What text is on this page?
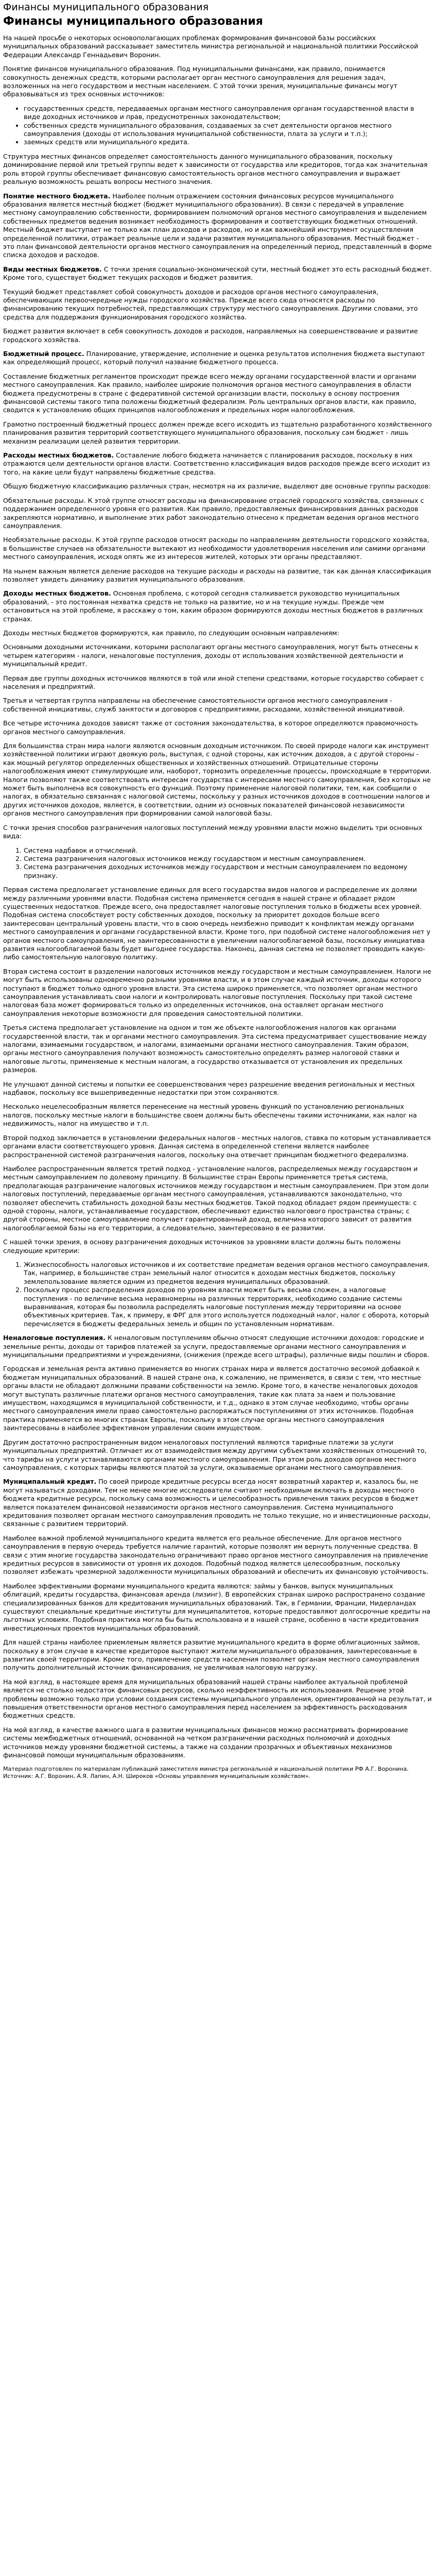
Финансы муниципального образования
Финансы муниципального образования

На нашей просьбе о некоторых основополагающих проблемах формирования финансовой базы российских муниципальных образований рассказывает заместитель министра региональной и национальной политики Российской Федерации Александр Геннадьевич Воронин.

Понятие финансов муниципального образования. Под муниципальными финансами, как правило, понимается совокупность денежных средств, которыми располагает орган местного самоуправления для решения задач, возложенных на него государством и местным населением. С этой точки зрения, муниципальные финансы могут образовываться из трех основных источников:

• государственных средств, передаваемых органам местного самоуправления органам государственной власти в виде доходных источников и прав, предусмотренных законодательством;
• собственных средств муниципального образования, создаваемых за счет деятельности органов местного самоуправления (доходы от использования муниципальной собственности, плата за услуги и т.п.);
• заемных средств или муниципального кредита.

Структура местных финансов определяет самостоятельность данного муниципального образования, поскольку доминирование первой или третьей группы ведет к зависимости от государства или кредиторов, тогда как значительная роль второй группы обеспечивает финансовую самостоятельность органов местного самоуправления и выражает реальную возможность решать вопросы местного значения.

Понятие местного бюджета. Наиболее полным отражением состояния финансовых ресурсов муниципального образования является местный бюджет (бюджет муниципального образования). В связи с передачей в управление местному самоуправлению собственности, формированием полномочий органов местного самоуправления и выделением собственных предметов ведения возникает необходимость формирования и соответствующих бюджетных отношений. Местный бюджет выступает не только как план доходов и расходов, но и как важнейший инструмент осуществления определенной политики, отражает реальные цели и задачи развития муниципального образования. Местный бюджет - это план финансовой деятельности органов местного самоуправления на определенный период, представленный в форме списка доходов и расходов.

Виды местных бюджетов. С точки зрения социально-экономической сути, местный бюджет это есть расходный бюджет. Кроме того, существует бюджет текущих расходов и бюджет развития.

Текущий бюджет представляет собой совокупность доходов и расходов органов местного самоуправления, обеспечивающих первоочередные нужды городского хозяйства. Прежде всего сюда относятся расходы по финансированию текущих потребностей, представляющих структуру местного самоуправления. Другими словами, это средства для поддержания функционирования городского хозяйства.

Бюджет развития включает в себя совокупность доходов и расходов, направляемых на совершенствование и развитие городского хозяйства.

Бюджетный процесс. Планирование, утверждение, исполнение и оценка результатов исполнения бюджета выступают как определяющий процесс, который получил название бюджетного процесса.

Составление бюджетных регламентов происходит прежде всего между органами государственной власти и органами местного самоуправления. Как правило, наиболее широкие полномочия органов местного самоуправления в области бюджета предусмотрены в стране с федеративной системой организации власти, поскольку в основу построения финансовой системы такого типа положены бюджетный федерализм. Роль центральных органов власти, как правило, сводится к установлению общих принципов налогообложения и предельных норм налогообложения.

Грамотно построенный бюджетный процесс должен прежде всего исходить из тщательно разработанного хозяйственного планирования развития территорий соответствующего муниципального образования, поскольку сам бюджет - лишь механизм реализации целей развития территории.

Расходы местных бюджетов. Составление любого бюджета начинается с планирования расходов, поскольку в них отражаются цели деятельности органов власти. Соответственно классификация видов расходов прежде всего исходит из того, на какие цели будут направлены бюджетные средства.

Общую бюджетную классификацию различных стран, несмотря на их различие, выделяют две основные группы расходов:

Обязательные расходы. К этой группе относят расходы на финансирование отраслей городского хозяйства, связанных с поддержанием определенного уровня его развития. Как правило, предоставляемых финансирования данных расходов закрепляются нормативно, и выполнение этих работ законодательно отнесено к предметам ведения органов местного самоуправления.

Необязательные расходы. К этой группе расходов относят расходы по направлениям деятельности городского хозяйства, в большинстве случаев на обязательности вытекают из необходимости удовлетворения населения или самими органами местного самоуправления, исходя опять же из интересов жителей, которых эти органы представляют.

На нынем важным является деление расходов на текущие расходы и расходы на развитие, так как данная классификация позволяет увидеть динамику развития муниципального образования.

Доходы местных бюджетов. Основная проблема, с которой сегодня сталкивается руководство муниципальных образований, - это постоянная нехватка средств не только на развитие, но и на текущие нужды. Прежде чем остановиться на этой проблеме, я расскажу о том, каким образом формируются доходы местных бюджетов в различных странах.

Доходы местных бюджетов формируются, как правило, по следующим основным направлениям:

Основными доходными источниками, которыми располагают органы местного самоуправления, могут быть отнесены к четырем категориям - налоги, неналоговые поступления, доходы от использования хозяйственной деятельности и муниципальный кредит.

Первая две группы доходных источников являются в той или иной степени средствами, которые государство собирает с населения и предприятий.

Третья и четвертая группа направлены на обеспечение самостоятельности органов местного самоуправления - собственной инициативы, служб занятости и договоров с предприятиями, расходами, хозяйственной инициативой.

Все четыре источника доходов зависят также от состояния законодательства, в которое определяются правомочность органов местного самоуправления.

Для большинства стран мира налоги являются основным доходным источником. По своей природе налоги как инструмент хозяйственной политики играют двоякую роль, выступая, с одной стороны, как источник доходов, а с другой стороны - как мощный регулятор определенных общественных и хозяйственных отношений. Отрицательные стороны налогообложения имеют стимулирующие или, наоборот, тормозить определенные процессы, происходящие в территории. Налоги позволяют также соответствовать интересам государства с интересами местного самоуправления, без которых не может быть выполнена вся совокупность его функций. Поэтому применение налоговой политики, тем, как сообщили о налогах, в обязательно связанная с налоговой системы, поскольку у разных источников доходов в соотношении налогов и других источников доходов, является, в соответствии, одним из основных показателей финансовой независимости органов местного самоуправления при формировании самой налоговой базы.

С точки зрения способов разграничения налоговых поступлений между уровнями власти можно выделить три основных вида:

1. Система надбавок и отчислений.
2. Система разграничения налоговых источников между государством и местным самоуправлением.
3. Система разграничения доходных источников между государством и местным самоуправлением по ведомому признаку.

Первая система предполагает установление единых для всего государства видов налогов и распределение их долями между различными уровнями власти. Подобная система применяется сегодня в нашей стране и обладает рядом существенных недостатков. Прежде всего, она предоставляет налоговые поступления только в бюджеты всех уровней. Подобная система способствует росту собственных доходов, поскольку за приоритет доходов больше всего заинтересован центральный уровень власти, что в свою очередь неизбежно приводит к конфликтам между органами местного самоуправления и органами государственной власти. Кроме того, при подобной системе налогообложения нет у органов местного самоуправления, не заинтересованности в увеличении налогооблагаемой базы, поскольку инициатива развития налогооблагаемой базы будет выгоднее государства. Наконец, данная система не позволяет проводить какую-либо самостоятельную налоговую политику.

Вторая система состоит в разделении налоговых источников между государством и местным самоуправлением. Налоги не могут быть использованы одновременно разными уровнями власти, и в этом случае каждый источник, доходы которого поступают в бюджет только одного уровня власти. Эта система широко применяется, что позволяет органам местного самоуправления устанавливать свои налоги и контролировать налоговые поступления. Поскольку при такой системе налоговая база может формироваться только из определенных источников, она оставляет органам местного самоуправления некоторые возможности для проведения самостоятельной политики.

Третья система предполагает установление на одном и том же объекте налогообложения налогов как органами государственной власти, так и органами местного самоуправления. Эта система предусматривает существование между налогами, взимаемыми государством, и налогами, взимаемыми органами местного самоуправления. Таким образом, органы местного самоуправления получают возможность самостоятельно определять размер налоговой ставки и налоговые льготы, применяемые к местным налогам, а государство отказывается от установления их предельных размеров.

Не улучшают данной системы и попытки ее совершенствования через разрешение введения региональных и местных надбавок, поскольку все вышеприведенные недостатки при этом сохраняются.

Несколько нецелесообразным является перенесение на местный уровень функций по установлению региональных налогов, поскольку местные налоги в большинстве своем должны быть обеспечены такими источниками, как налог на недвижимость, налог на имущество и т.п.

Второй подход заключается в установлении федеральных налогов - местных налогов, ставка по которым устанавливается органами власти соответствующего уровня. Данная система в определенной степени является наиболее распространенной системой разграничения налогов, поскольку она отвечает принципам бюджетного федерализма.

Наиболее распространенным является третий подход - установление налогов, распределяемых между государством и местным самоуправлением по долевому принципу. В большинстве стран Европы применяется третья система, предполагающая разграничение налоговых источников между государством и местным самоуправлением. При этом доли налоговых поступлений, передаваемые органам местного самоуправления, устанавливаются законодательно, что позволяет обеспечить стабильность доходной базы местных бюджетов. Такой подход обладает рядом преимуществ: с одной стороны, налоги, устанавливаемые государством, обеспечивают единство налогового пространства страны; с другой стороны, местное самоуправление получает гарантированный доход, величина которого зависит от развития налогооблагаемой базы на его территории, а следовательно, заинтересовано в ее развитии.

С нашей точки зрения, в основу разграничения доходных источников за уровнями власти должны быть положены следующие критерии:

1. Жизнеспособность налоговых источников и их соответствие предметам ведения органов местного самоуправления. Так, например, в большинстве стран земельный налог относится к доходам местных бюджетов, поскольку землепользование является одним из предметов ведения муниципальных образований.
2. Поскольку процесс распределения доходов по уровням власти может быть весьма сложен, а налоговые поступления - по величине весьма неравномерны на различных территориях, необходимо создание системы выравнивания, которая бы позволила распределять налоговые поступления между территориями на основе объективных критериев. Так, к примеру, в ФРГ для этого используется подоходный налог, налог с оборота, который перечисляется в бюджеты федеральных земель и общин по установленным нормативам.

Неналоговые поступления. К неналоговым поступлениям обычно относят следующие источники доходов: городские и земельные ренты, доходы от тарифов платежей за услуги, предоставляемые органами местного самоуправления и муниципальными предприятиями и учреждениями, (снижения (прежде всего штрафы), различные виды пошлин и сборов.

Городская и земельная рента активно применяется во многих странах мира и является достаточно весомой добавкой к бюджетам муниципальных образований. В нашей стране она, к сожалению, не применяется, в связи с тем, что местные органы власти не обладают должными правами собственности на землю. Кроме того, в качестве неналоговых доходов могут выступать различные платежи органов местного самоуправления, такие как плата за наем и пользование имуществом, находящимся в муниципальной собственности, и т.д., однако в этом случае необходимо, чтобы органы местного самоуправления имели право самостоятельно распоряжаться поступлениями от этих источников. Подобная практика применяется во многих странах Европы, поскольку в этом случае органы местного самоуправления заинтересованы в наиболее эффективном управлении своим имуществом.

Другим достаточно распространенным видом неналоговых поступлений являются тарифные платежи за услуги муниципальных предприятий. Отличает их от взаимодействия между другими субъектами хозяйственных отношений то, что тарифы на услуги устанавливаются органами местного самоуправления. При этом роль доходов органов местного самоуправления, с которых тарифы являются платой за услуги, оказываемые органами местного самоуправления.

Муниципальный кредит. По своей природе кредитные ресурсы всегда носят возвратный характер и, казалось бы, не могут называться доходами. Тем не менее многие исследователи считают необходимым включать в доходы местного бюджета кредитные ресурсы, поскольку сама возможность и целесообразность привлечения таких ресурсов в бюджет является показателем финансовой независимости органов местного самоуправления. Система муниципального кредитования позволяет органам местного самоуправления проводить не только текущие, но и инвестиционные расходы, связанные с развитием территорий.

Наиболее важной проблемой муниципального кредита является его реальное обеспечение. Для органов местного самоуправления в первую очередь требуется наличие гарантий, которые позволят им вернуть полученные средства. В связи с этим многие государства законодательно ограничивают право органов местного самоуправления на привлечение кредитных ресурсов в зависимости от уровня их доходов. Подобный подход является целесообразным, поскольку позволяет избежать чрезмерной задолженности муниципальных образований и обеспечить их финансовую устойчивость.

Наиболее эффективными формами муниципального кредита являются: займы у банков, выпуск муниципальных облигаций, кредиты государства, финансовая аренда (лизинг). В европейских странах широко распространено создание специализированных банков для кредитования муниципальных образований. Так, в Германии, Франции, Нидерландах существуют специальные кредитные институты для муниципалитетов, которые предоставляют долгосрочные кредиты на льготных условиях. Подобная практика могла бы быть использована и в нашей стране, особенно в части кредитования инвестиционных проектов муниципальных образований.

Для нашей страны наиболее приемлемым является развитие муниципального кредита в форме облигационных займов, поскольку в этом случае в качестве кредиторов выступают жители муниципального образования, заинтересованные в развитии своей территории. Кроме того, привлечение средств населения позволяет органам местного самоуправления получить дополнительный источник финансирования, не увеличивая налоговую нагрузку.

На мой взгляд, в настоящее время для муниципальных образований нашей страны наиболее актуальной проблемой является не столько недостаток финансовых ресурсов, сколько неэффективность их использования. Решение этой проблемы возможно только при условии создания системы муниципального управления, ориентированной на результат, и повышения ответственности органов местного самоуправления перед населением за эффективность расходования бюджетных средств.

На мой взгляд, в качестве важного шага в развитии муниципальных финансов можно рассматривать формирование системы межбюджетных отношений, основанной на четком разграничении расходных полномочий и доходных источников между уровнями бюджетной системы, а также на создании прозрачных и объективных механизмов финансовой помощи муниципальным образованиям.

Материал подготовлен по материалам публикаций заместителя министра региональной и национальной политики РФ А.Г. Воронина. Источник: А.Г. Воронин, А.Я. Лапин, А.Н. Широков «Основы управления муниципальным хозяйством».
